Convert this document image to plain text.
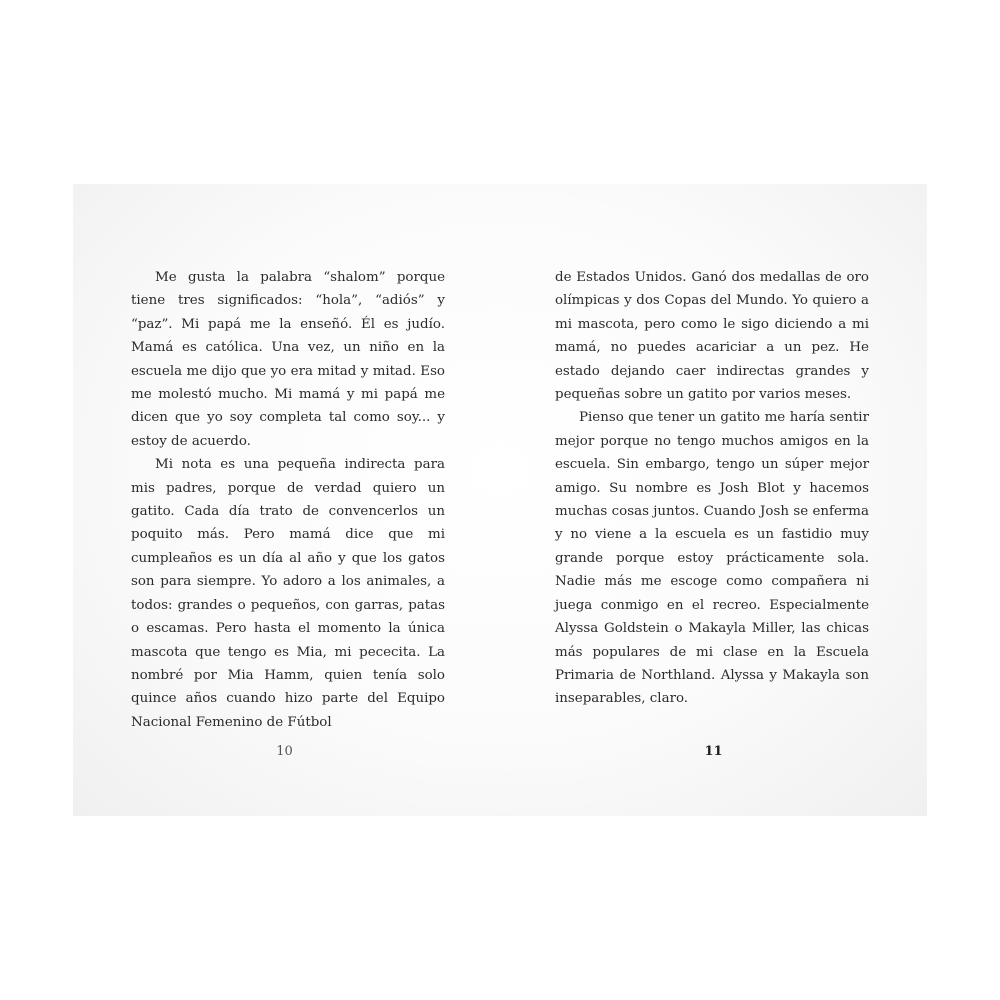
Me gusta la palabra “shalom” porque tiene tres significados: “hola”, “adiós” y “paz”. Mi papá me la enseñó. Él es judío. Mamá es católica. Una vez, un niño en la escuela me dijo que yo era mitad y mitad. Eso me molestó mucho. Mi mamá y mi papá me dicen que yo soy completa tal como soy... y estoy de acuerdo.

Mi nota es una pequeña indirecta para mis padres, porque de verdad quiero un gatito. Cada día trato de convencerlos un poquito más. Pero mamá dice que mi cumpleaños es un día al año y que los gatos son para siempre. Yo adoro a los animales, a todos: grandes o pequeños, con garras, patas o escamas. Pero hasta el momento la única mascota que tengo es Mia, mi pececita. La nombré por Mia Hamm, quien tenía solo quince años cuando hizo parte del Equipo Nacional Femenino de Fútbol

10

de Estados Unidos. Ganó dos medallas de oro olímpicas y dos Copas del Mundo. Yo quiero a mi mascota, pero como le sigo diciendo a mi mamá, no puedes acariciar a un pez. He estado dejando caer indirectas grandes y pequeñas sobre un gatito por varios meses.

Pienso que tener un gatito me haría sentir mejor porque no tengo muchos amigos en la escuela. Sin embargo, tengo un súper mejor amigo. Su nombre es Josh Blot y hacemos muchas cosas juntos. Cuando Josh se enferma y no viene a la escuela es un fastidio muy grande porque estoy prácticamente sola. Nadie más me escoge como compañera ni juega conmigo en el recreo. Especialmente Alyssa Goldstein o Makayla Miller, las chicas más populares de mi clase en la Escuela Primaria de Northland. Alyssa y Makayla son inseparables, claro.

11
